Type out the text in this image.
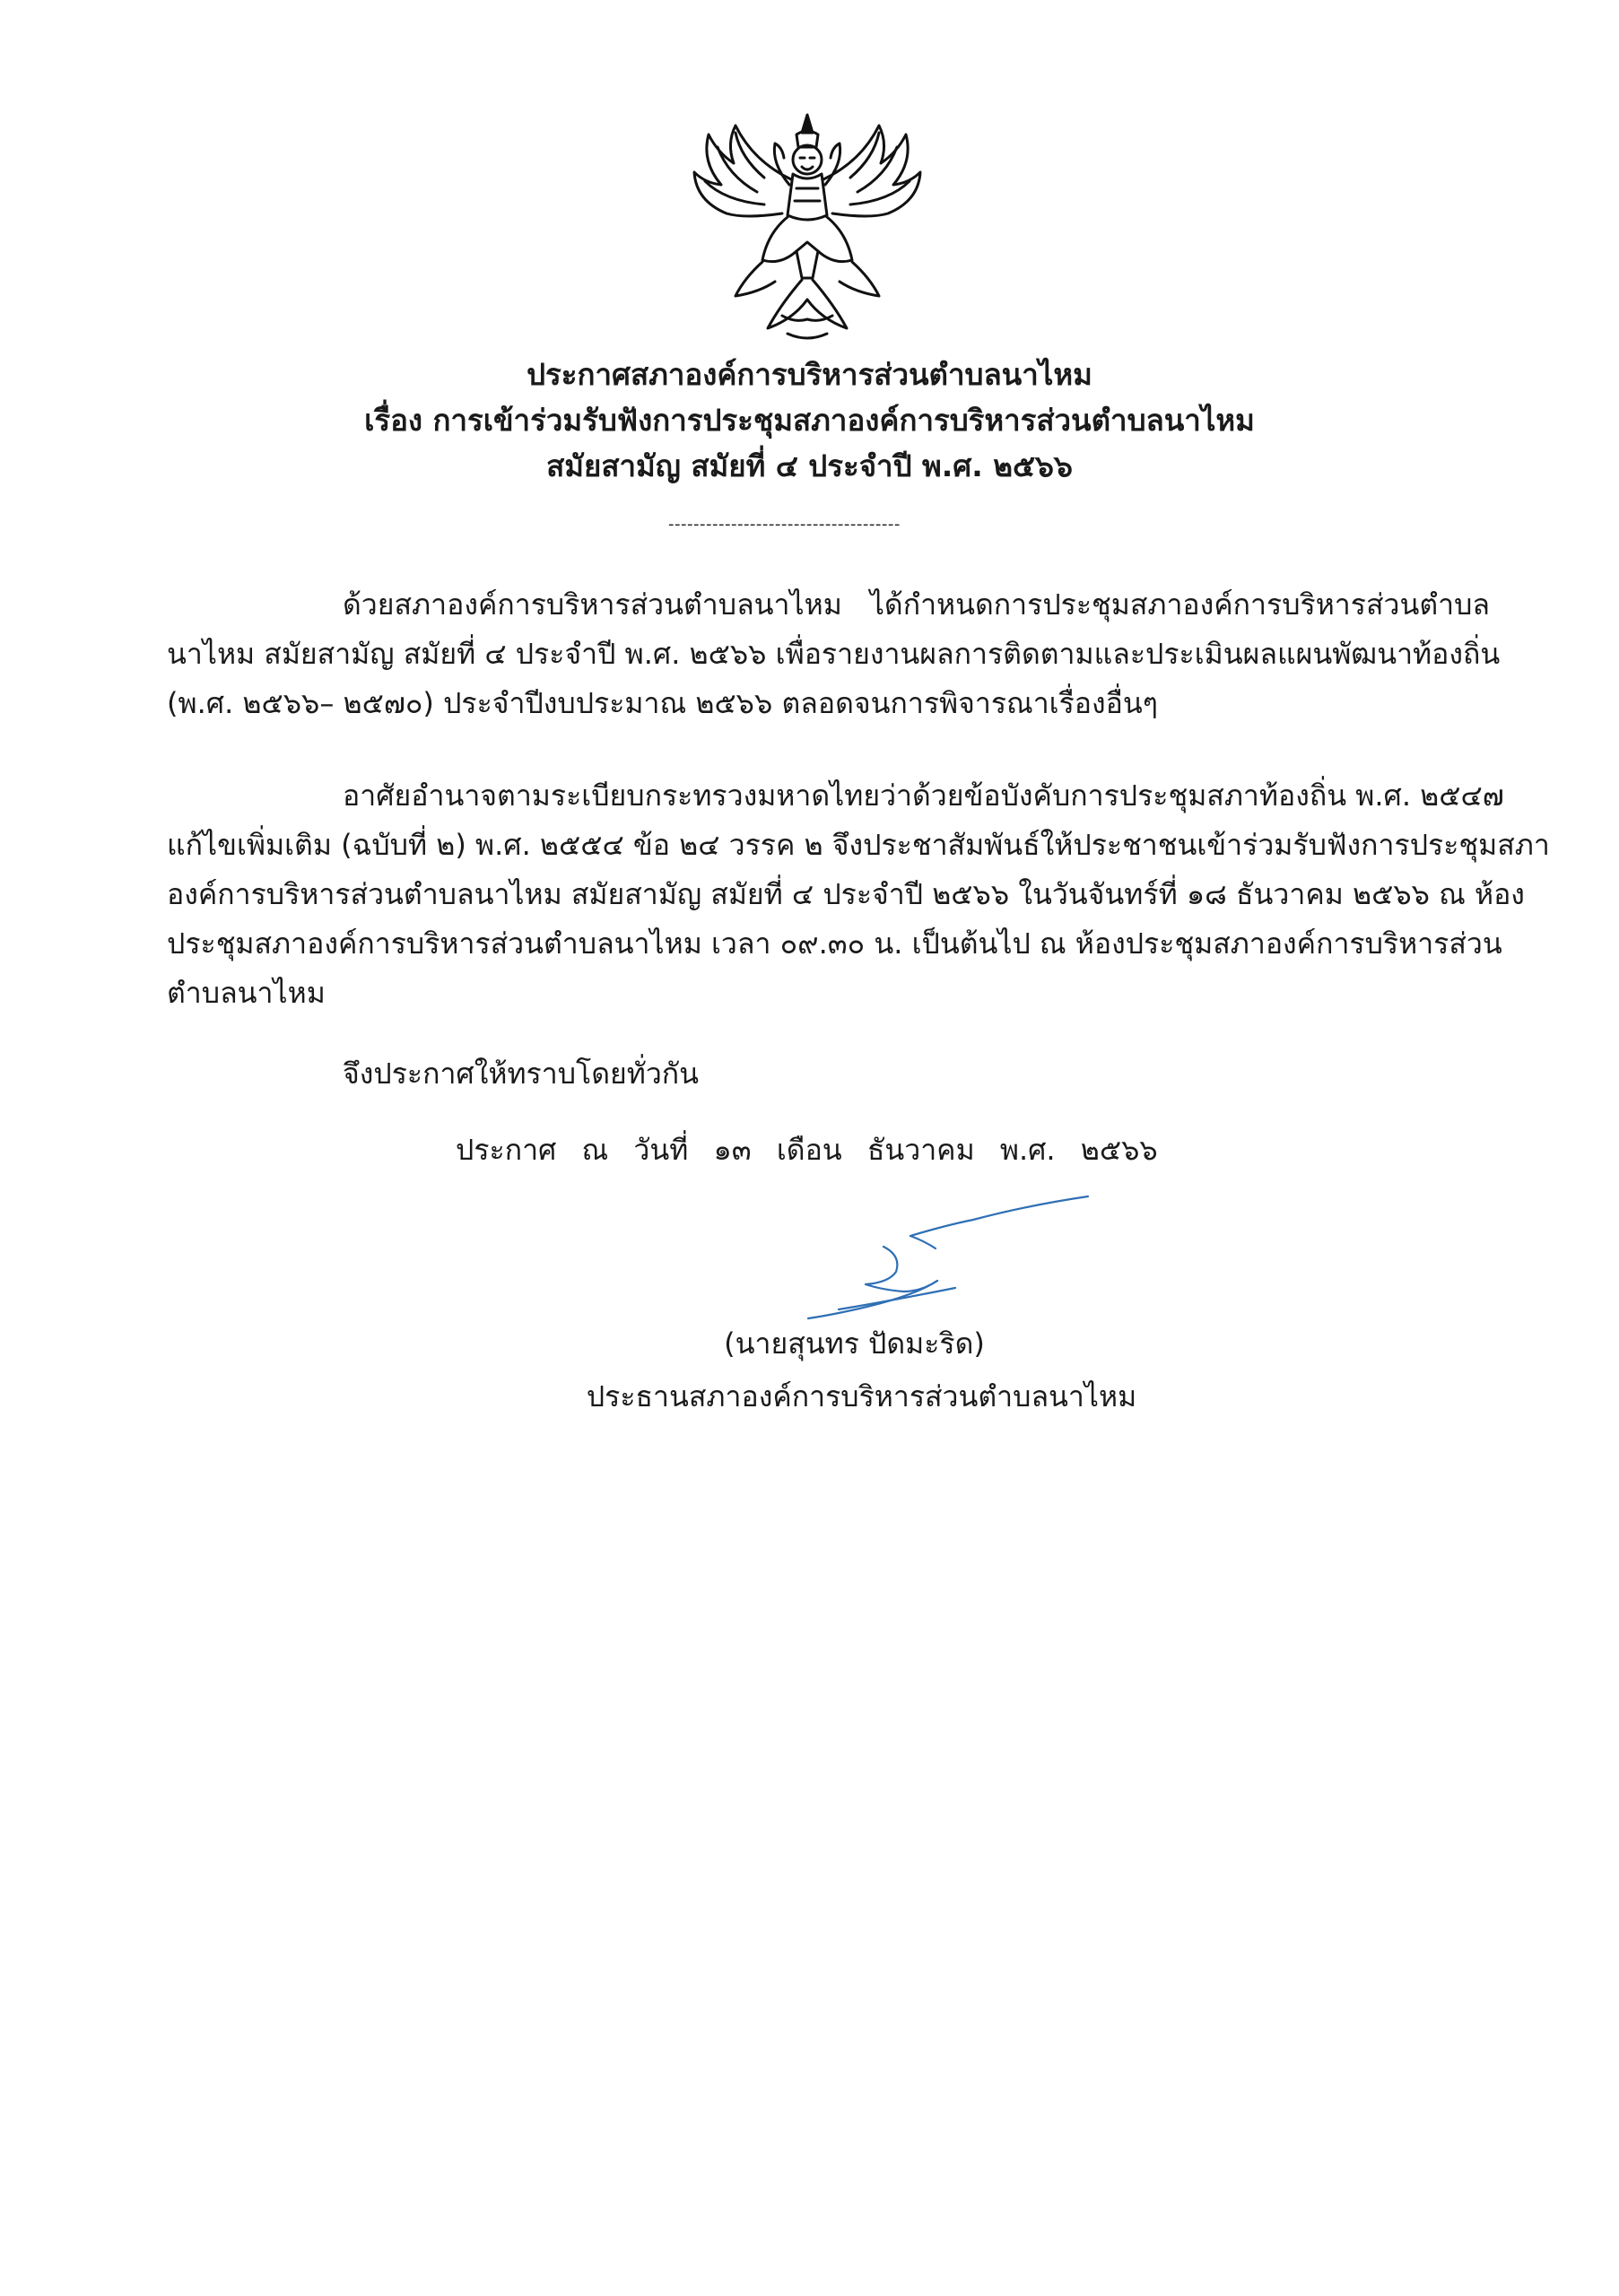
ประกาศสภาองค์การบริหารส่วนตำบลนาไหม
เรื่อง การเข้าร่วมรับฟังการประชุมสภาองค์การบริหารส่วนตำบลนาไหม
สมัยสามัญ สมัยที่ ๔ ประจำปี พ.ศ. ๒๕๖๖
-------------------------------------
ด้วยสภาองค์การบริหารส่วนตำบลนาไหม ได้กำหนดการประชุมสภาองค์การบริหารส่วนตำบล
นาไหม สมัยสามัญ สมัยที่ ๔ ประจำปี พ.ศ. ๒๕๖๖ เพื่อรายงานผลการติดตามและประเมินผลแผนพัฒนาท้องถิ่น
(พ.ศ. ๒๕๖๖– ๒๕๗๐) ประจำปีงบประมาณ ๒๕๖๖ ตลอดจนการพิจารณาเรื่องอื่นๆ
อาศัยอำนาจตามระเบียบกระทรวงมหาดไทยว่าด้วยข้อบังคับการประชุมสภาท้องถิ่น พ.ศ. ๒๕๔๗
แก้ไขเพิ่มเติม (ฉบับที่ ๒) พ.ศ. ๒๕๕๔ ข้อ ๒๔ วรรค ๒ จึงประชาสัมพันธ์ให้ประชาชนเข้าร่วมรับฟังการประชุมสภา
องค์การบริหารส่วนตำบลนาไหม สมัยสามัญ สมัยที่ ๔ ประจำปี ๒๕๖๖ ในวันจันทร์ที่ ๑๘ ธันวาคม ๒๕๖๖ ณ ห้อง
ประชุมสภาองค์การบริหารส่วนตำบลนาไหม เวลา ๐๙.๓๐ น. เป็นต้นไป ณ ห้องประชุมสภาองค์การบริหารส่วน
ตำบลนาไหม
จึงประกาศให้ทราบโดยทั่วกัน
ประกาศ ณ วันที่ ๑๓ เดือน ธันวาคม พ.ศ. ๒๕๖๖
(นายสุนทร ปัดมะริด)
ประธานสภาองค์การบริหารส่วนตำบลนาไหม
